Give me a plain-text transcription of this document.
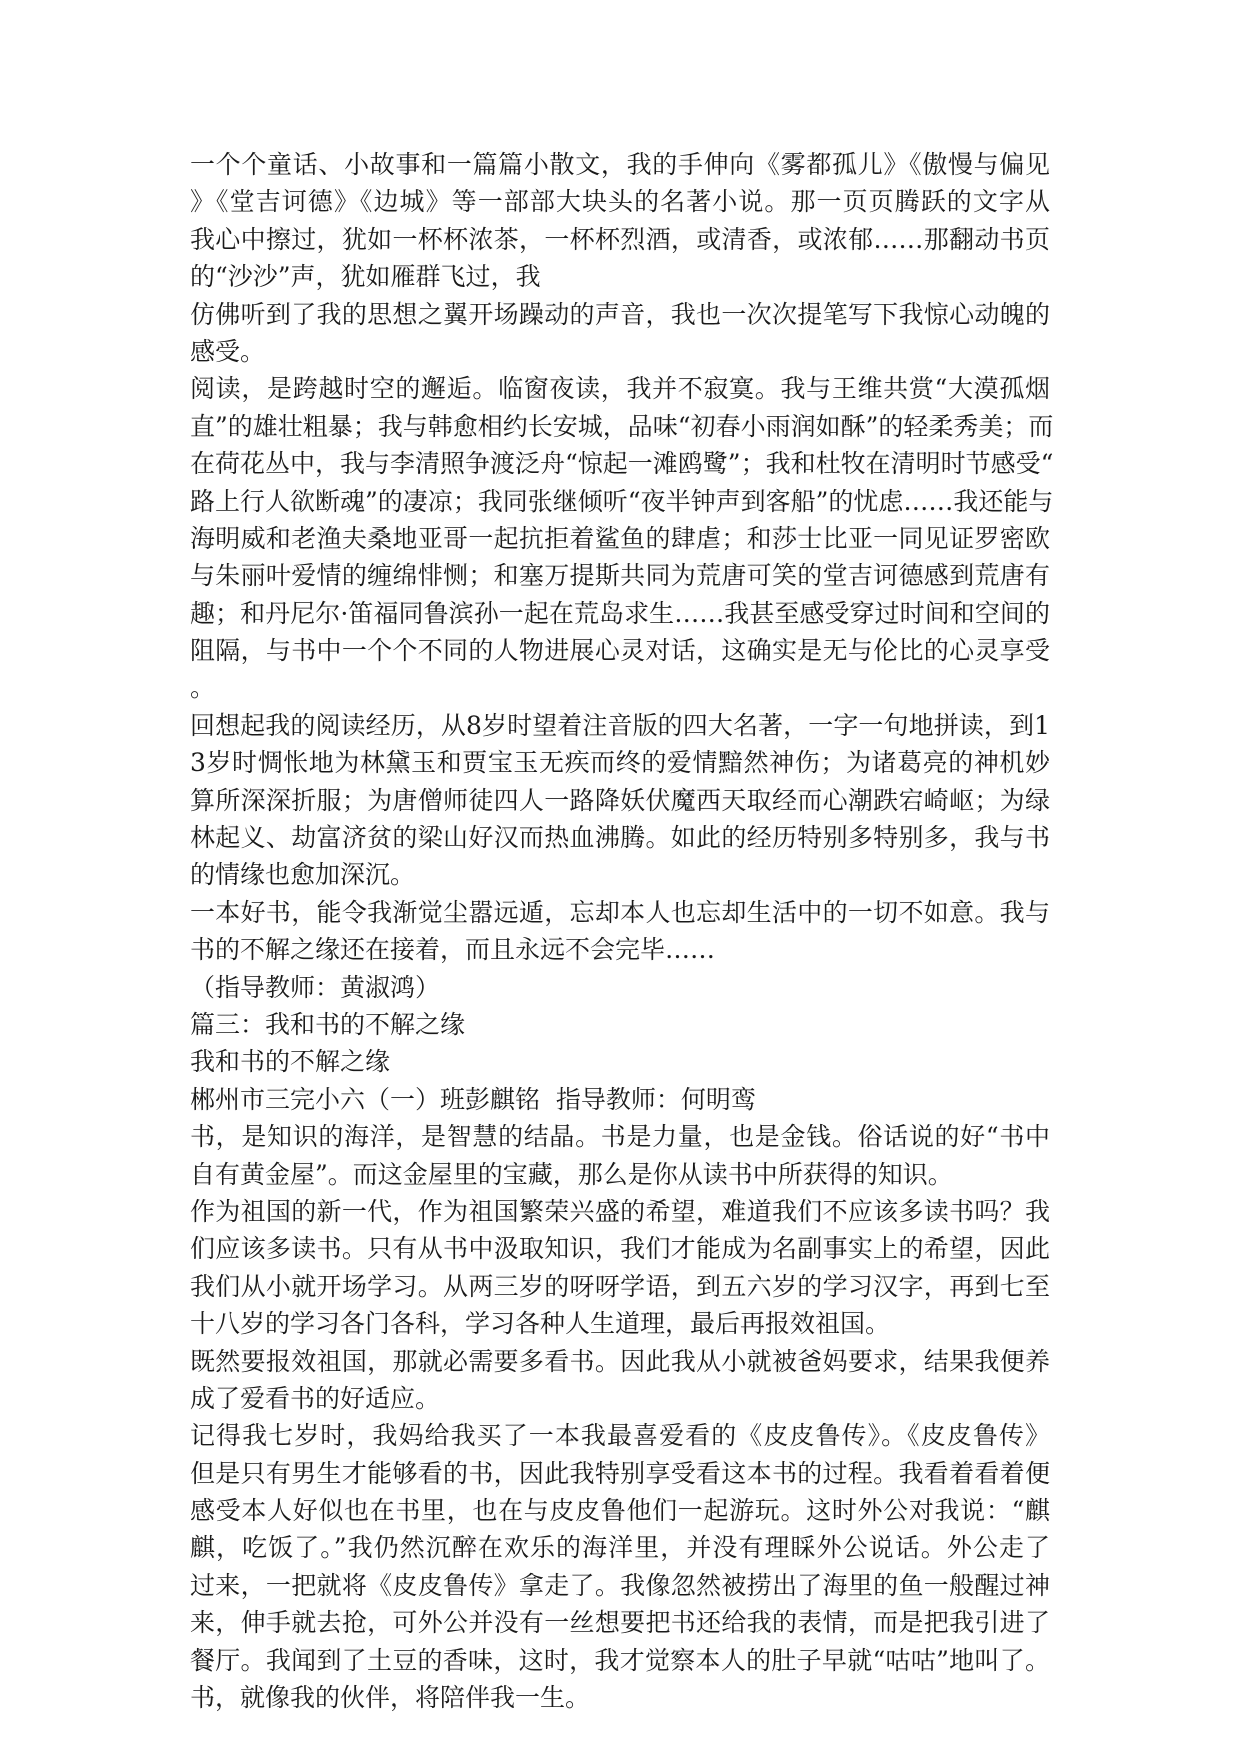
一个个童话、小故事和一篇篇小散文，我的手伸向《雾都孤儿》《傲慢与偏见
》《堂吉诃德》《边城》等一部部大块头的名著小说。那一页页腾跃的文字从
我心中擦过，犹如一杯杯浓茶，一杯杯烈酒，或清香，或浓郁……那翻动书页
的“沙沙”声，犹如雁群飞过，我
仿佛听到了我的思想之翼开场躁动的声音，我也一次次提笔写下我惊心动魄的
感受。
阅读，是跨越时空的邂逅。临窗夜读，我并不寂寞。我与王维共赏“大漠孤烟
直”的雄壮粗暴；我与韩愈相约长安城，品味“初春小雨润如酥”的轻柔秀美；而
在荷花丛中，我与李清照争渡泛舟“惊起一滩鸥鹭”；我和杜牧在清明时节感受“
路上行人欲断魂”的凄凉；我同张继倾听“夜半钟声到客船”的忧虑……我还能与
海明威和老渔夫桑地亚哥一起抗拒着鲨鱼的肆虐；和莎士比亚一同见证罗密欧
与朱丽叶爱情的缠绵悱恻；和塞万提斯共同为荒唐可笑的堂吉诃德感到荒唐有
趣；和丹尼尔·笛福同鲁滨孙一起在荒岛求生……我甚至感受穿过时间和空间的
阻隔，与书中一个个不同的人物进展心灵对话，这确实是无与伦比的心灵享受
。
回想起我的阅读经历，从8岁时望着注音版的四大名著，一字一句地拼读，到1
3岁时惆怅地为林黛玉和贾宝玉无疾而终的爱情黯然神伤；为诸葛亮的神机妙
算所深深折服；为唐僧师徒四人一路降妖伏魔西天取经而心潮跌宕崎岖；为绿
林起义、劫富济贫的梁山好汉而热血沸腾。如此的经历特别多特别多，我与书
的情缘也愈加深沉。
一本好书，能令我渐觉尘嚣远遁，忘却本人也忘却生活中的一切不如意。我与
书的不解之缘还在接着，而且永远不会完毕……
（指导教师：黄淑鸿）
篇三：我和书的不解之缘
我和书的不解之缘
郴州市三完小六（一）班彭麒铭  指导教师：何明鸾
书，是知识的海洋，是智慧的结晶。书是力量，也是金钱。俗话说的好“书中
自有黄金屋”。而这金屋里的宝藏，那么是你从读书中所获得的知识。
作为祖国的新一代，作为祖国繁荣兴盛的希望，难道我们不应该多读书吗？我
们应该多读书。只有从书中汲取知识，我们才能成为名副事实上的希望，因此
我们从小就开场学习。从两三岁的呀呀学语，到五六岁的学习汉字，再到七至
十八岁的学习各门各科，学习各种人生道理，最后再报效祖国。
既然要报效祖国，那就必需要多看书。因此我从小就被爸妈要求，结果我便养
成了爱看书的好适应。
记得我七岁时，我妈给我买了一本我最喜爱看的《皮皮鲁传》。《皮皮鲁传》
但是只有男生才能够看的书，因此我特别享受看这本书的过程。我看着看着便
感受本人好似也在书里，也在与皮皮鲁他们一起游玩。这时外公对我说：“麒
麒，吃饭了。”我仍然沉醉在欢乐的海洋里，并没有理睬外公说话。外公走了
过来，一把就将《皮皮鲁传》拿走了。我像忽然被捞出了海里的鱼一般醒过神
来，伸手就去抢，可外公并没有一丝想要把书还给我的表情，而是把我引进了
餐厅。我闻到了土豆的香味，这时，我才觉察本人的肚子早就“咕咕”地叫了。
书，就像我的伙伴，将陪伴我一生。
